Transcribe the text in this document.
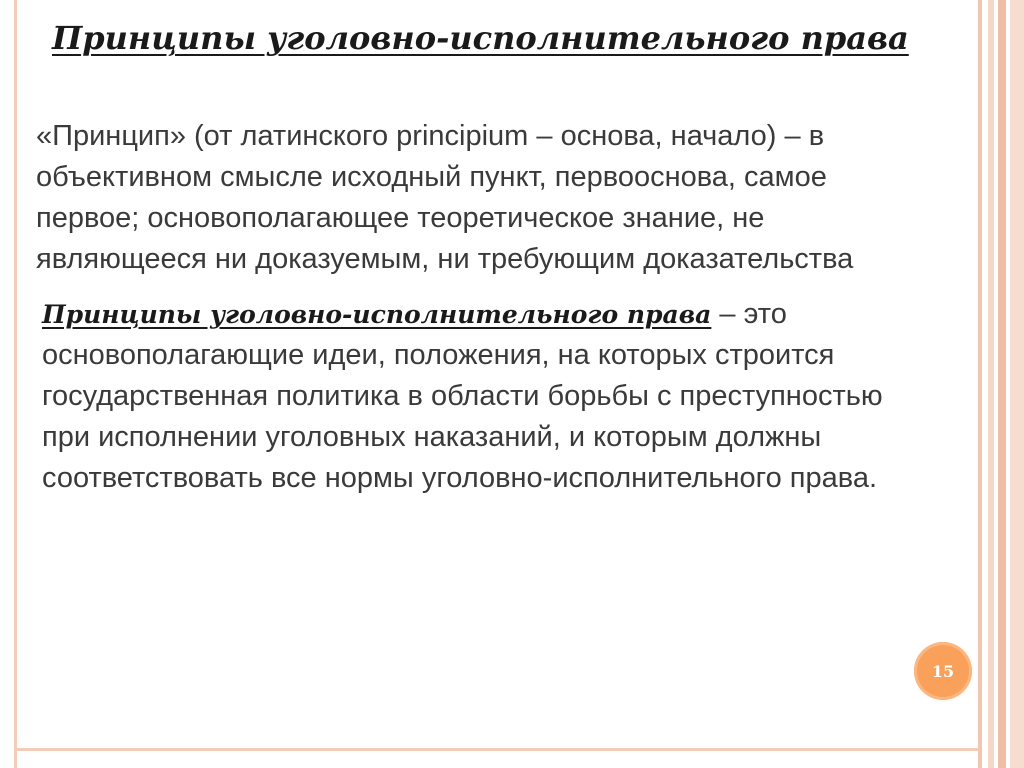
Принципы уголовно-исполнительного права

«Принцип» (от латинского principium – основа, начало) – в объективном смысле исходный пункт, первооснова, самое первое; основополагающее теоретическое знание, не являющееся ни доказуемым, ни требующим доказательства

Принципы уголовно-исполнительного права – это основополагающие идеи, положения, на которых строится государственная политика в области борьбы с преступностью при исполнении уголовных наказаний, и которым должны соответствовать все нормы уголовно-исполнительного права.

15
